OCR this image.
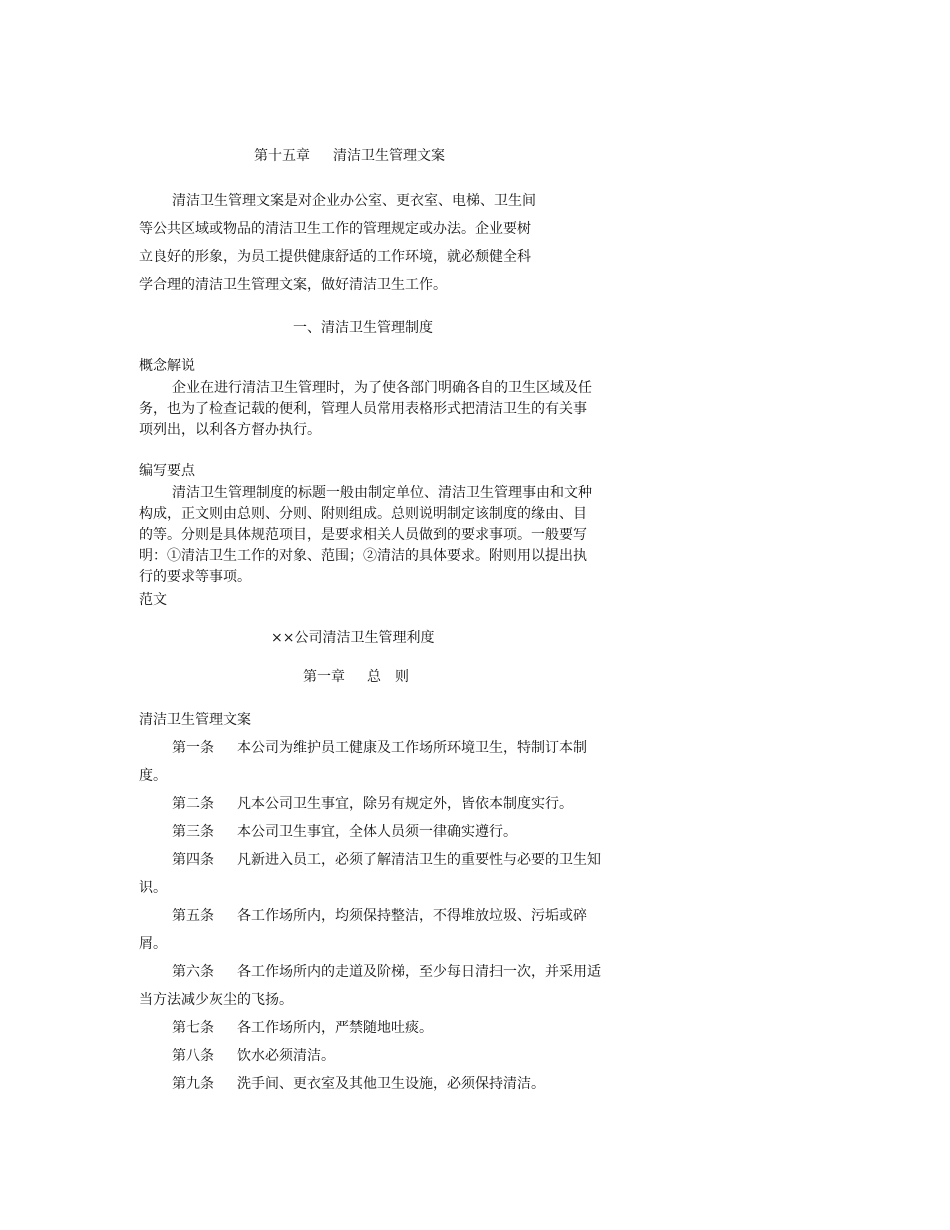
第十五章 清洁卫生管理文案
清洁卫生管理文案是对企业办公室、更衣室、电梯、卫生间
等公共区域或物品的清洁卫生工作的管理规定或办法。企业要树
立良好的形象，为员工提供健康舒适的工作环境，就必颓健全科
学合理的清洁卫生管理文案，做好清洁卫生工作。
一、清洁卫生管理制度
概念解说
企业在进行清洁卫生管理时，为了使各部门明确各自的卫生区域及任
务，也为了检查记载的便利，管理人员常用表格形式把清洁卫生的有关事
项列出，以利各方督办执行。
编写要点
清洁卫生管理制度的标题一般由制定单位、清洁卫生管理事由和文种
构成，正文则由总则、分则、附则组成。总则说明制定该制度的缘由、目
的等。分则是具体规范项目，是要求相关人员做到的要求事项。一般要写
明：①清洁卫生工作的对象、范围；②清洁的具体要求。附则用以提出执
行的要求等事项。
范文
××公司清洁卫生管理利度
第一章 总　则
清洁卫生管理文案
第一条 本公司为维护员工健康及工作场所环境卫生，特制订本制
度。
第二条 凡本公司卫生事宜，除另有规定外，皆依本制度实行。
第三条 本公司卫生事宜，全体人员须一律确实遵行。
第四条 凡新进入员工，必须了解清洁卫生的重要性与必要的卫生知
识。
第五条 各工作场所内，均须保持整洁，不得堆放垃圾、污垢或碎
屑。
第六条 各工作场所内的走道及阶梯，至少每日清扫一次，并采用适
当方法减少灰尘的飞扬。
第七条 各工作场所内，严禁随地吐痰。
第八条 饮水必须清洁。
第九条 洗手间、更衣室及其他卫生设施，必须保持清洁。
